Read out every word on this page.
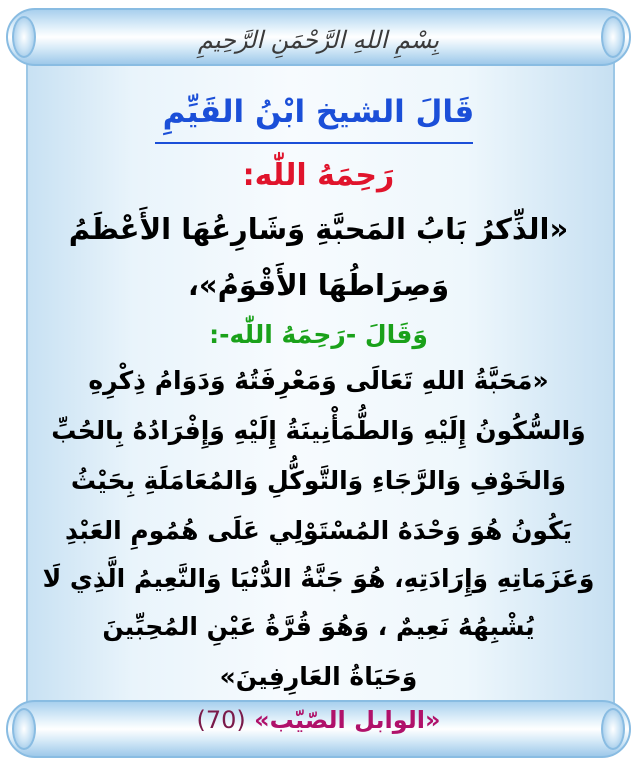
بِسْمِ اللهِ الرَّحْمَنِ الرَّحِيمِ
قَالَ الشيخ ابْنُ القَيِّمِ
رَحِمَهُ اللّٰه:
«الذِّكرُ بَابُ المَحبَّةِ وَشَارِعُهَا الأَعْظَمُ
وَصِرَاطُهَا الأَقْوَمُ»،
وَقَالَ -رَحِمَهُ اللّٰه-:
«مَحَبَّةُ اللهِ تَعَالَى وَمَعْرِفَتُهُ وَدَوَامُ ذِكْرِهِ
وَالسُّكُونُ إِلَيْهِ وَالطُّمَأْنِينَةُ إِلَيْهِ وَإِفْرَادُهُ بِالحُبِّ
وَالخَوْفِ وَالرَّجَاءِ وَالتَّوكُّلِ وَالمُعَامَلَةِ بِحَيْثُ
يَكُونُ هُوَ وَحْدَهُ المُسْتَوْلِي عَلَى هُمُومِ العَبْدِ
وَعَزَمَاتِهِ وَإِرَادَتِهِ، هُوَ جَنَّةُ الدُّنْيَا وَالنَّعِيمُ الَّذِي لَا
يُشْبِهُهُ نَعِيمٌ ، وَهُوَ قُرَّةُ عَيْنِ المُحِبِّينَ
وَحَيَاةُ العَارِفِينَ»
«الوابل الصّيّب» (70)
